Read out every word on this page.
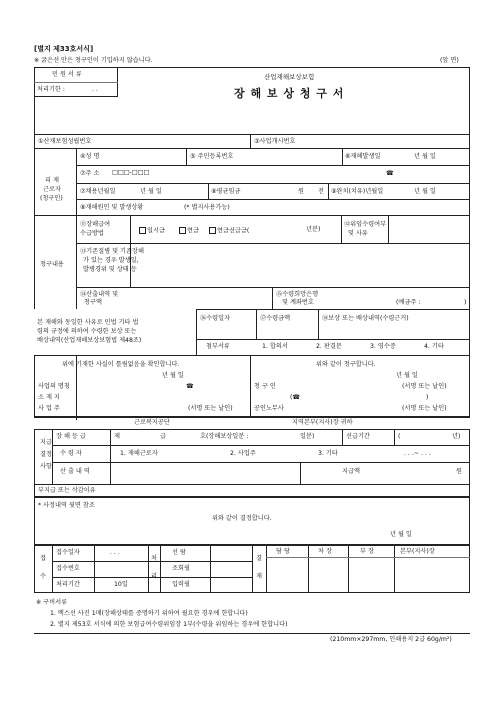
[별지 제33호서식]
※ 굵은선 안은 청구인이 기입하지 않습니다.	(앞 면)
민 원 서 류
처리기한 :	. .
산업재해보상보험
장 해 보 상 청 구 서
①산재보험성립번호	③사업개시번호
피 재
근로자
(청구인)
④성 명	⑤ 주민등록번호	⑥재해발생일	년 월 일
⑦주 소 □□□-□□□	☎
⑦채용년월일	년 월 일	⑧평균임금	원 전 ⑨완치(치유)년월일	년 월 일
⑧재해원인 및 발생상황	(* 별지사용가능)
청구내용
⑪장해급여
수급방법	일시금	연금	연금선급금(	년분)
⑫위임수령여부
및 사유
⑬기존질병 및 기존장해
가 있는 경우 발생일,
발병경위 및 상태 등
⑭산출내역 및
청구액
⑮수령희망은행
및 계좌번호	(예금주 :	)
본 재해와 동일한 사유로 민법 기타 법
령의 규정에 의하여 수령한 보상 또는
배상내역(산업재해보상보험법 제48조)
⑯수령일자	⑰수령금액	⑱보상 또는 배상내역(수령근거)
첨부서류	1. 합의서	2. 판결문	3. 영수증	4. 기타
위에 기재한 사실이 틀림없음을 확인합니다.
년 월 일
사업의 명칭	☎
소 재 지
사 업 주	(서명 또는 날인)
위와 같이 청구합니다.
년 월 일
청 구 인	(서명 또는 날인)
(☎	)
공인노무사	(서명 또는 날인)
근로복지공단	지역본부(지사)장 귀하
지 급
결 정
사 항
장 해 등 급	제	급	호(장해보상일분 :	일분)	선급기간	(	년)
수 령 자	1. 재해근로자	2. 사업주	3. 기타	. . .~ . . .
산 출 내 역	지급액	원
부지급 또는 삭감이유
* 사정내역 뒷면 참조
위와 같이 결정합니다.
년 월 일
접
수
접수일자	. . .
접수번호
처리기간	10일
처
리
선 람
조회필
입력필
결
재
담 당	차 장	부 장	본부(지사)장
※ 구비서류
1. 엑스선 사진 1매(장해상태를 증명하기 위하여 필요한 경우에 한합니다)
2. 별지 제53호 서식에 의한 보험급여수령위임장 1부(수령을 위임하는 경우에 한합니다)
(210mm×297mm, 인쇄용지 2급 60g/m²)
